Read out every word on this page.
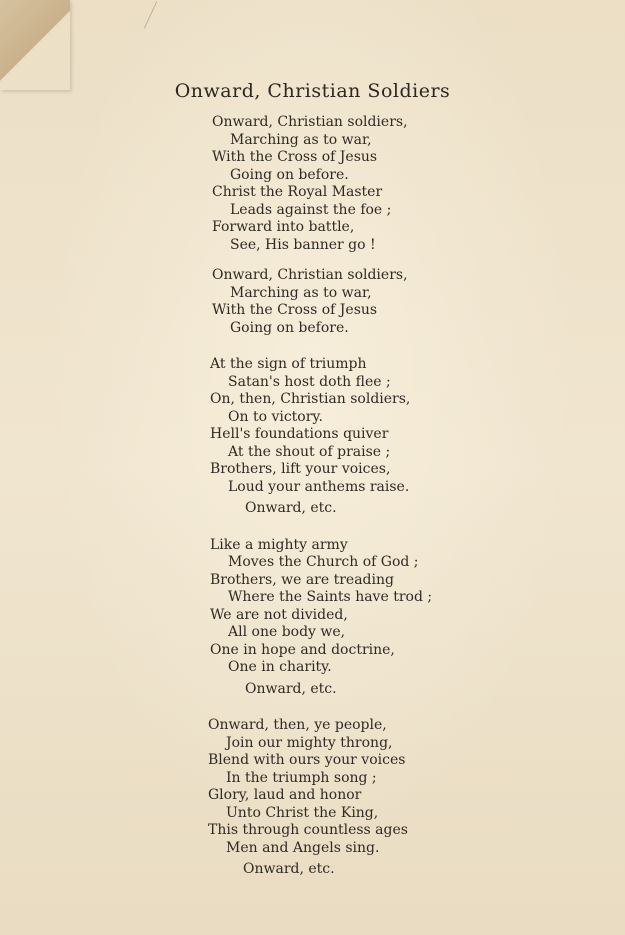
Onward, Christian Soldiers
Onward, Christian soldiers,
Marching as to war,
With the Cross of Jesus
Going on before.
Christ the Royal Master
Leads against the foe ;
Forward into battle,
See, His banner go !
Onward, Christian soldiers,
Marching as to war,
With the Cross of Jesus
Going on before.
At the sign of triumph
Satan's host doth flee ;
On, then, Christian soldiers,
On to victory.
Hell's foundations quiver
At the shout of praise ;
Brothers, lift your voices,
Loud your anthems raise.
Onward, etc.
Like a mighty army
Moves the Church of God ;
Brothers, we are treading
Where the Saints have trod ;
We are not divided,
All one body we,
One in hope and doctrine,
One in charity.
Onward, etc.
Onward, then, ye people,
Join our mighty throng,
Blend with ours your voices
In the triumph song ;
Glory, laud and honor
Unto Christ the King,
This through countless ages
Men and Angels sing.
Onward, etc.
